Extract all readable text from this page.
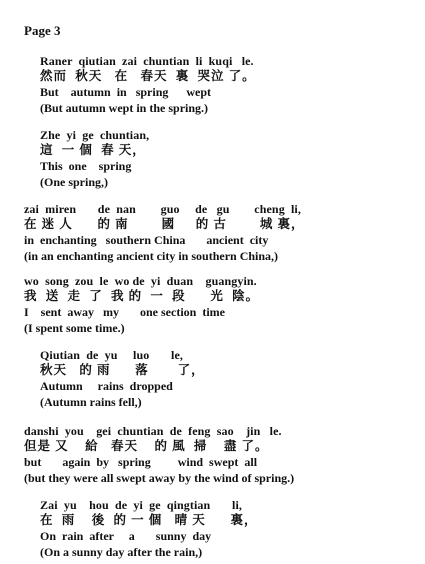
Page 3
Raner  qiutian  zai  chuntian  li  kuqi   le.
然而  秋天   在   春天  裏  哭泣 了。
But    autumn  in   spring      wept
(But autumn wept in the spring.)
Zhe  yi  ge  chuntian,
這  一 個  春 天，
This  one    spring
(One spring,)
zai  miren       de  nan        guo     de   gu        cheng  li,
在 迷 人      的 南        國     的 古        城 裏，
in  enchanting   southern China       ancient  city
(in an enchanting ancient city in southern China,)
wo  song  zou  le  wo de  yi  duan    guangyin.
我  送  走  了  我 的  一  段      光  陰。
I    sent  away   my       one section  time
(I spent some time.)
Qiutian  de  yu     luo       le,
秋天   的 雨      落       了，
Autumn     rains  dropped
(Autumn rains fell,)
danshi  you    gei  chuntian  de  feng  sao    jin   le.
但是 又    給   春天    的 風  掃    盡 了。
but       again  by   spring         wind  swept  all
(but they were all swept away by the wind of spring.)
Zai  yu    hou  de  yi  ge  qingtian       li,
在  雨    後  的 一 個   晴 天      裏，
On  rain  after     a       sunny  day
(On a sunny day after the rain,)
